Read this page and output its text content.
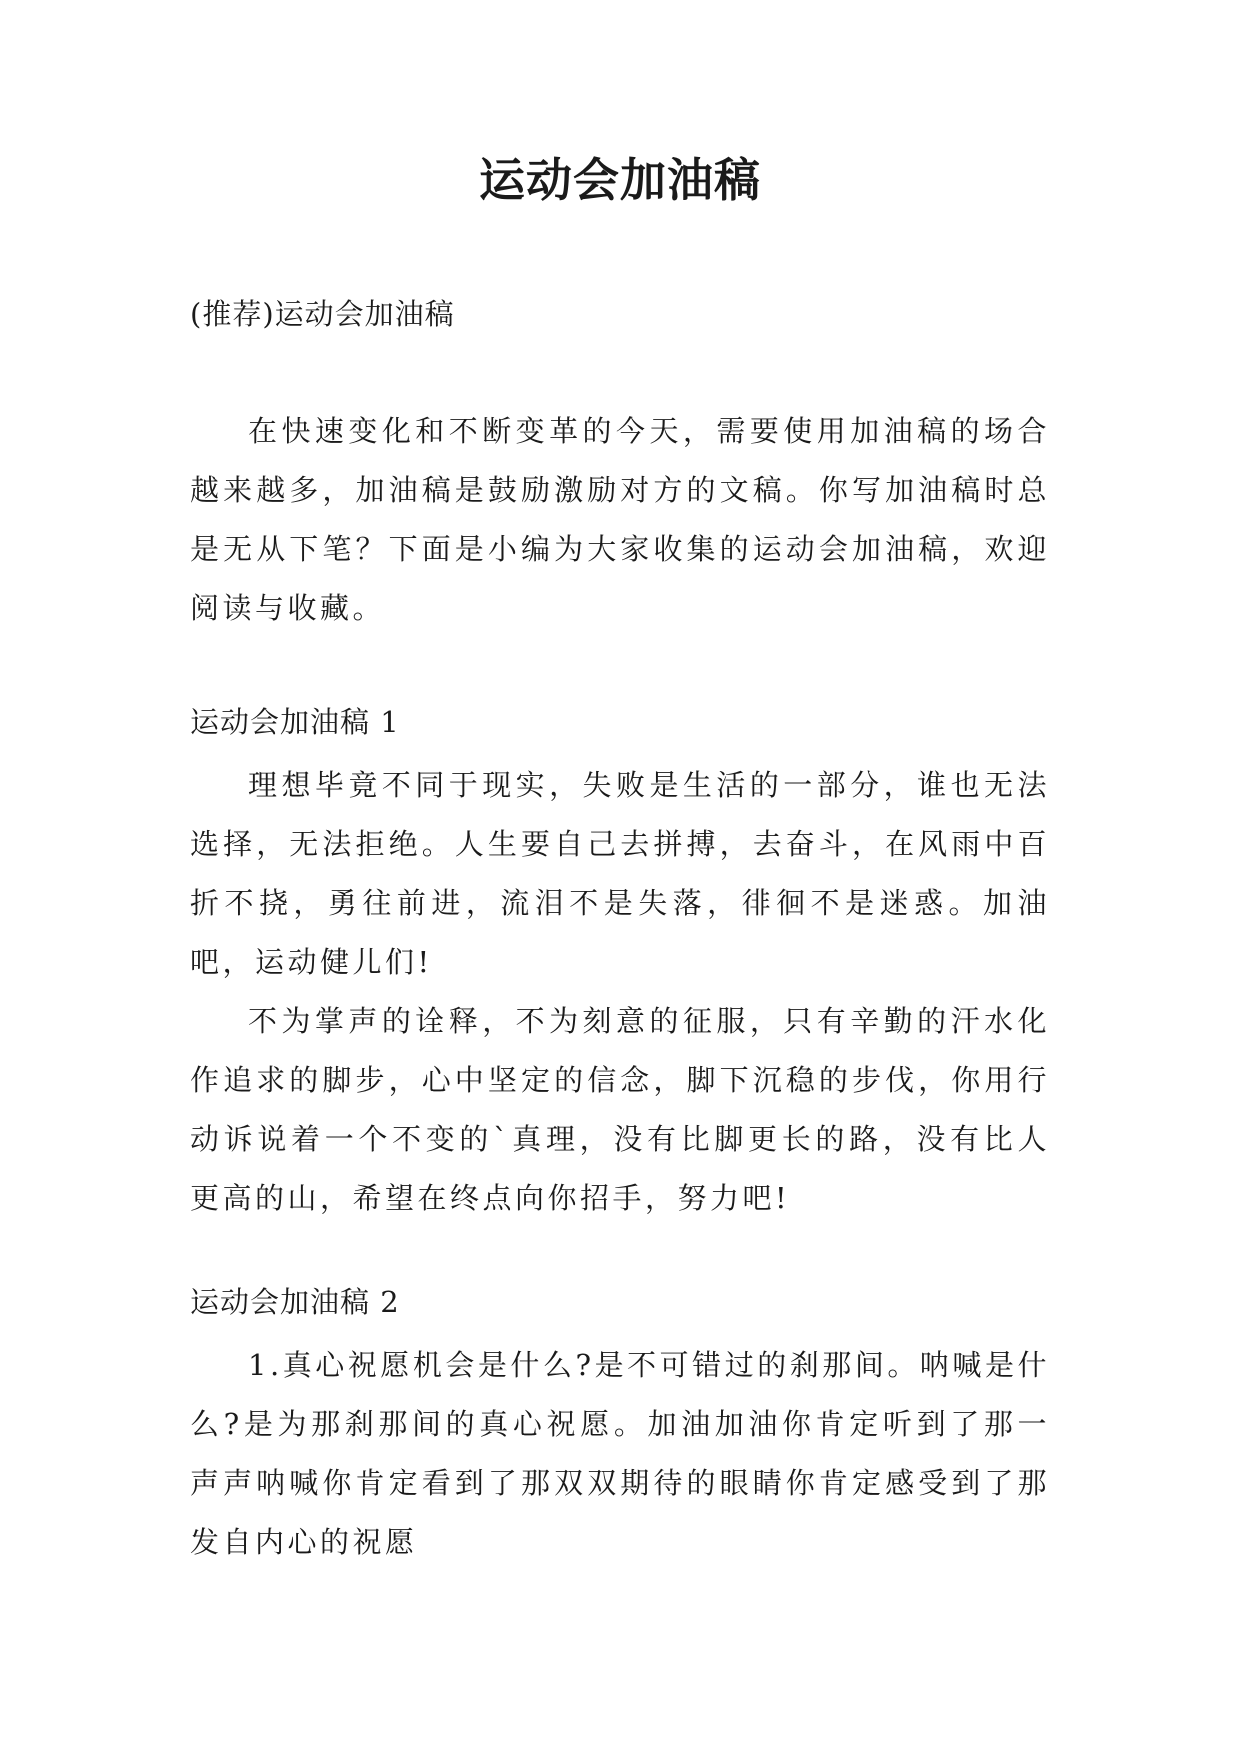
运动会加油稿
(推荐)运动会加油稿

在快速变化和不断变革的今天，需要使用加油稿的场合越来越多，加油稿是鼓励激励对方的文稿。你写加油稿时总是无从下笔？下面是小编为大家收集的运动会加油稿，欢迎阅读与收藏。

运动会加油稿 1

理想毕竟不同于现实，失败是生活的一部分，谁也无法选择，无法拒绝。人生要自己去拼搏，去奋斗，在风雨中百折不挠，勇往前进，流泪不是失落，徘徊不是迷惑。加油吧，运动健儿们!

不为掌声的诠释，不为刻意的征服，只有辛勤的汗水化作追求的脚步，心中坚定的信念，脚下沉稳的步伐，你用行动诉说着一个不变的`真理，没有比脚更长的路，没有比人更高的山，希望在终点向你招手，努力吧!

运动会加油稿 2

1.真心祝愿机会是什么?是不可错过的刹那间。呐喊是什么?是为那刹那间的真心祝愿。加油加油你肯定听到了那一声声呐喊你肯定看到了那双双期待的眼睛你肯定感受到了那发自内心的祝愿
